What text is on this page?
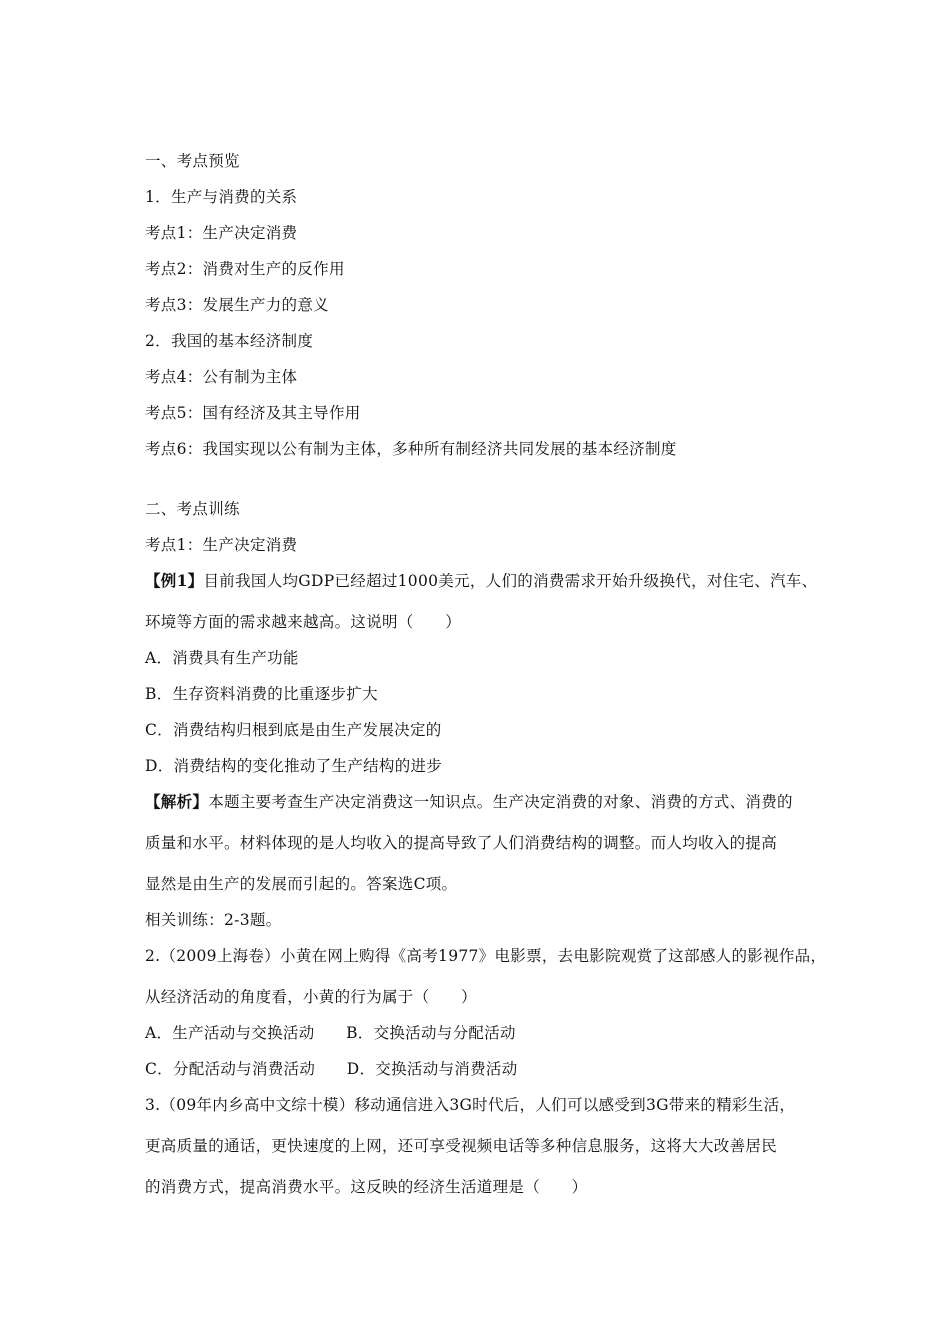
一、考点预览
1．生产与消费的关系
考点1：生产决定消费
考点2：消费对生产的反作用
考点3：发展生产力的意义
2．我国的基本经济制度
考点4：公有制为主体
考点5：国有经济及其主导作用
考点6：我国实现以公有制为主体，多种所有制经济共同发展的基本经济制度
二、考点训练
考点1：生产决定消费
【例1】目前我国人均GDP已经超过1000美元，人们的消费需求开始升级换代，对住宅、汽车、
环境等方面的需求越来越高。这说明（　　）
A．消费具有生产功能
B．生存资料消费的比重逐步扩大
C．消费结构归根到底是由生产发展决定的
D．消费结构的变化推动了生产结构的进步
【解析】本题主要考查生产决定消费这一知识点。生产决定消费的对象、消费的方式、消费的
质量和水平。材料体现的是人均收入的提高导致了人们消费结构的调整。而人均收入的提高
显然是由生产的发展而引起的。答案选C项。
相关训练：2-3题。
2.（2009上海卷）小黄在网上购得《高考1977》电影票，去电影院观赏了这部感人的影视作品，
从经济活动的角度看，小黄的行为属于（　　）
A．生产活动与交换活动　　B．交换活动与分配活动
C．分配活动与消费活动　　D．交换活动与消费活动
3.（09年内乡高中文综十模）移动通信进入3G时代后，人们可以感受到3G带来的精彩生活，
更高质量的通话，更快速度的上网，还可享受视频电话等多种信息服务，这将大大改善居民
的消费方式，提高消费水平。这反映的经济生活道理是（　　）
